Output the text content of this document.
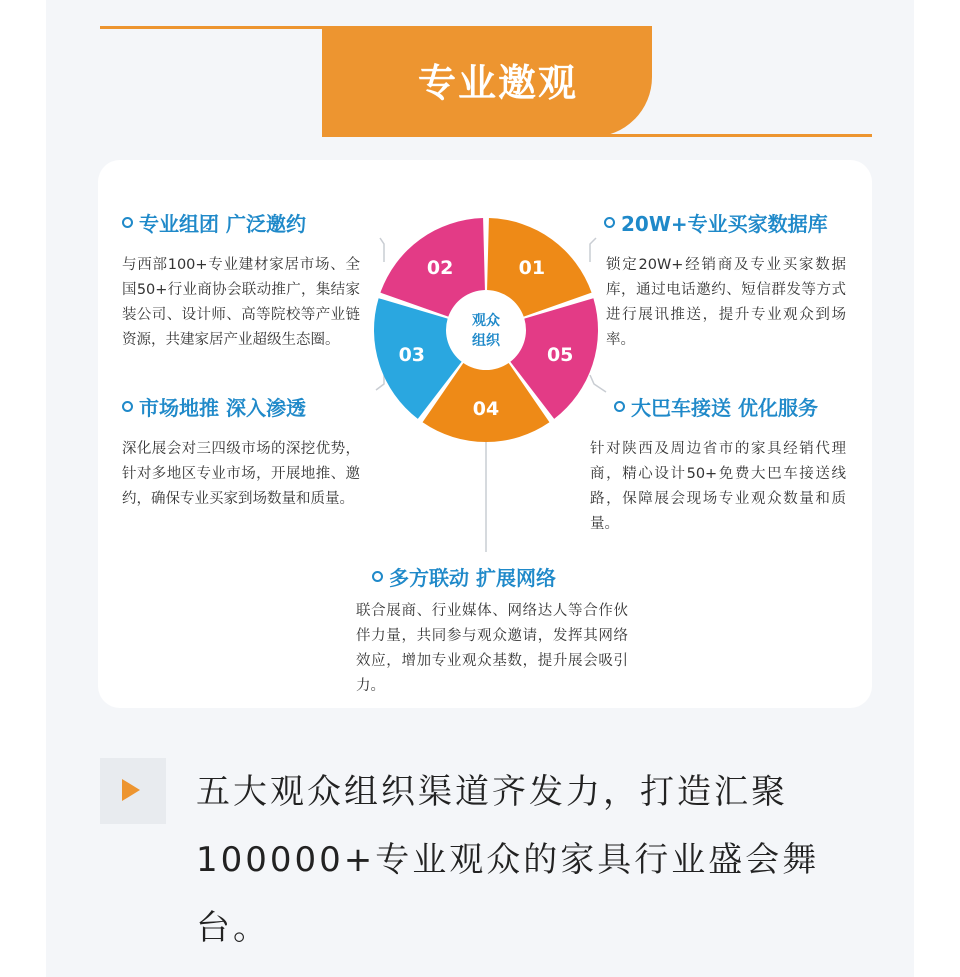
专业邀观
专业组团 广泛邀约
与西部100+专业建材家居市场、全国50+行业商协会联动推广，集结家装公司、设计师、高等院校等产业链资源，共建家居产业超级生态圈。
市场地推 深入渗透
深化展会对三四级市场的深挖优势，针对多地区专业市场，开展地推、邀约，确保专业买家到场数量和质量。
20W+专业买家数据库
锁定20W+经销商及专业买家数据库，通过电话邀约、短信群发等方式进行展讯推送，提升专业观众到场率。
大巴车接送 优化服务
针对陕西及周边省市的家具经销代理商，精心设计50+免费大巴车接送线路，保障展会现场专业观众数量和质量。
多方联动 扩展网络
联合展商、行业媒体、网络达人等合作伙伴力量，共同参与观众邀请，发挥其网络效应，增加专业观众基数，提升展会吸引力。
01
02
03
04
05
观众
组织
五大观众组织渠道齐发力，打造汇聚100000+专业观众的家具行业盛会舞台。
